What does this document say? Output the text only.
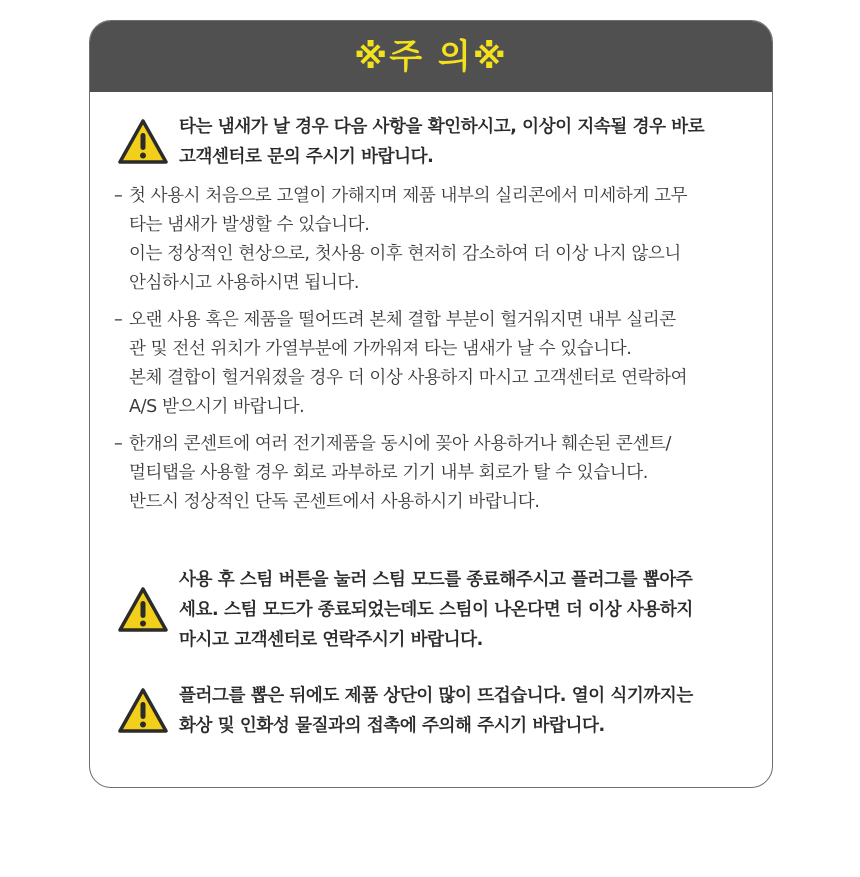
※주 의※
타는 냄새가 날 경우 다음 사항을 확인하시고, 이상이 지속될 경우 바로
고객센터로 문의 주시기 바랍니다.
– 첫 사용시 처음으로 고열이 가해지며 제품 내부의 실리콘에서 미세하게 고무
타는 냄새가 발생할 수 있습니다.
이는 정상적인 현상으로, 첫사용 이후 현저히 감소하여 더 이상 나지 않으니
안심하시고 사용하시면 됩니다.
– 오랜 사용 혹은 제품을 떨어뜨려 본체 결합 부분이 헐거워지면 내부 실리콘
관 및 전선 위치가 가열부분에 가까워져 타는 냄새가 날 수 있습니다.
본체 결합이 헐거워졌을 경우 더 이상 사용하지 마시고 고객센터로 연락하여
A/S 받으시기 바랍니다.
– 한개의 콘센트에 여러 전기제품을 동시에 꽂아 사용하거나 훼손된 콘센트/
멀티탭을 사용할 경우 회로 과부하로 기기 내부 회로가 탈 수 있습니다.
반드시 정상적인 단독 콘센트에서 사용하시기 바랍니다.
사용 후 스팀 버튼을 눌러 스팀 모드를 종료해주시고 플러그를 뽑아주
세요. 스팀 모드가 종료되었는데도 스팀이 나온다면 더 이상 사용하지
마시고 고객센터로 연락주시기 바랍니다.
플러그를 뽑은 뒤에도 제품 상단이 많이 뜨겁습니다. 열이 식기까지는
화상 및 인화성 물질과의 접촉에 주의해 주시기 바랍니다.
